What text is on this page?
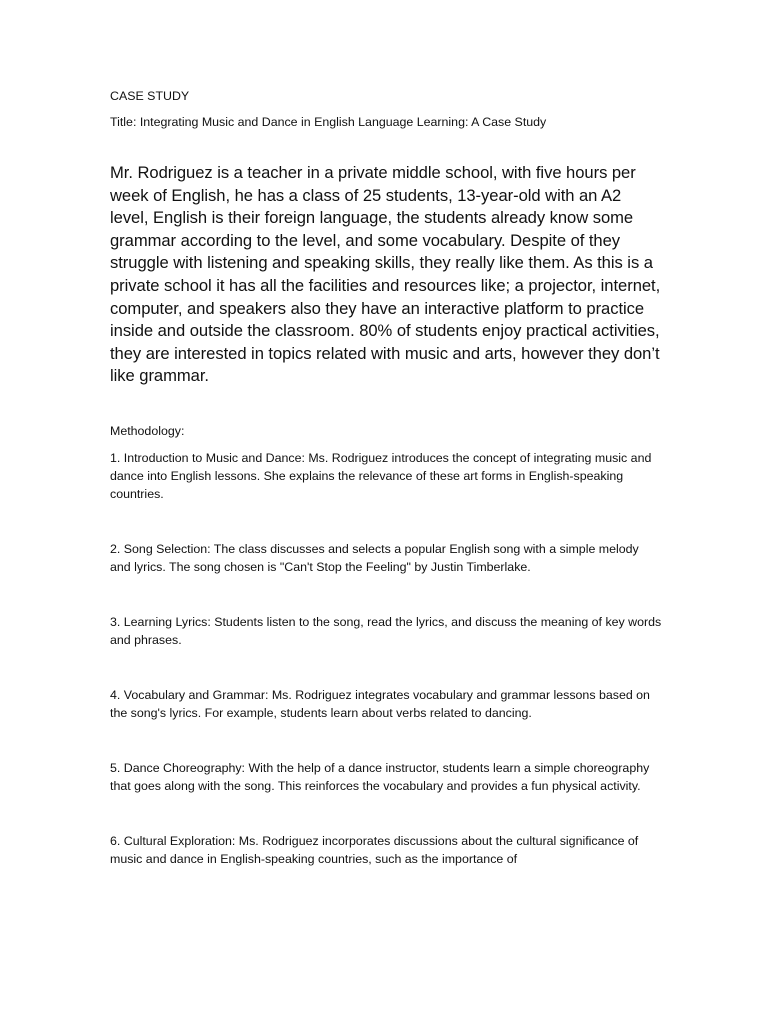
CASE STUDY

Title: Integrating Music and Dance in English Language Learning: A Case Study

Mr. Rodriguez is a teacher in a private middle school, with five hours per week of English, he has a class of 25 students, 13-year-old with an A2 level, English is their foreign language, the students already know some grammar according to the level, and some vocabulary. Despite of they struggle with listening and speaking skills, they really like them. As this is a private school it has all the facilities and resources like; a projector, internet, computer, and speakers also they have an interactive platform to practice inside and outside the classroom. 80% of students enjoy practical activities, they are interested in topics related with music and arts, however they don’t like grammar.

Methodology:

1. Introduction to Music and Dance: Ms. Rodriguez introduces the concept of integrating music and dance into English lessons. She explains the relevance of these art forms in English-speaking countries.

2. Song Selection: The class discusses and selects a popular English song with a simple melody and lyrics. The song chosen is "Can't Stop the Feeling" by Justin Timberlake.

3. Learning Lyrics: Students listen to the song, read the lyrics, and discuss the meaning of key words and phrases.

4. Vocabulary and Grammar: Ms. Rodriguez integrates vocabulary and grammar lessons based on the song's lyrics. For example, students learn about verbs related to dancing.

5. Dance Choreography: With the help of a dance instructor, students learn a simple choreography that goes along with the song. This reinforces the vocabulary and provides a fun physical activity.

6. Cultural Exploration: Ms. Rodriguez incorporates discussions about the cultural significance of music and dance in English-speaking countries, such as the importance of
